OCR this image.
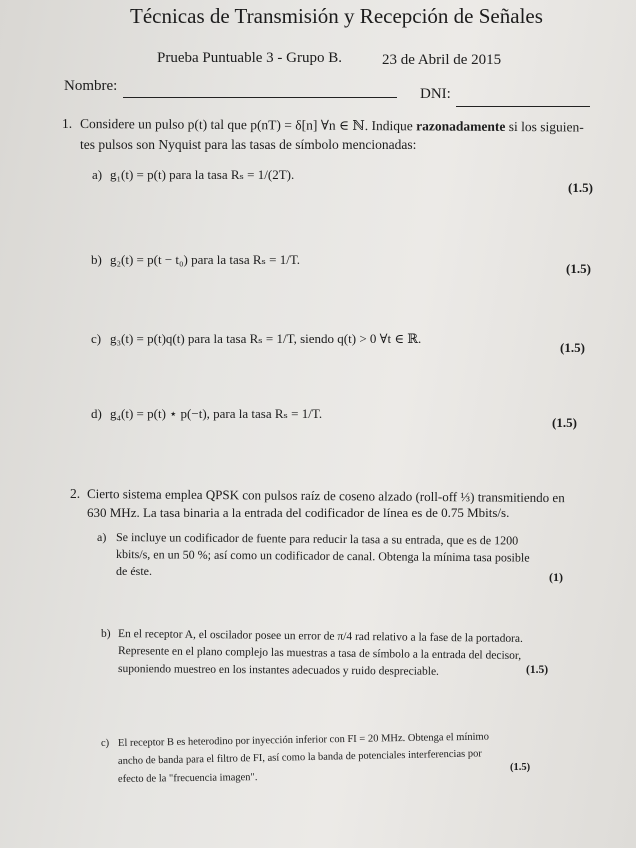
Técnicas de Transmisión y Recepción de Señales
Prueba Puntuable 3 - Grupo B.	23 de Abril de 2015
Nombre:	DNI:
1. Considere un pulso p(t) tal que p(nT) = δ[n] ∀n ∈ ℕ. Indique razonadamente si los siguien-
tes pulsos son Nyquist para las tasas de símbolo mencionadas:
a) g₁(t) = p(t) para la tasa Rₛ = 1/(2T).
(1.5)
b) g₂(t) = p(t − t₀) para la tasa Rₛ = 1/T.
(1.5)
c) g₃(t) = p(t)q(t) para la tasa Rₛ = 1/T, siendo q(t) > 0 ∀t ∈ ℝ.
(1.5)
d) g₄(t) = p(t) ⋆ p(−t), para la tasa Rₛ = 1/T.
(1.5)
2. Cierto sistema emplea QPSK con pulsos raíz de coseno alzado (roll-off ⅓) transmitiendo en
630 MHz. La tasa binaria a la entrada del codificador de línea es de 0.75 Mbits/s.
a) Se incluye un codificador de fuente para reducir la tasa a su entrada, que es de 1200
kbits/s, en un 50 %; así como un codificador de canal. Obtenga la mínima tasa posible
de éste.	(1)
b) En el receptor A, el oscilador posee un error de π/4 rad relativo a la fase de la portadora.
Represente en el plano complejo las muestras a tasa de símbolo a la entrada del decisor,
suponiendo muestreo en los instantes adecuados y ruido despreciable.	(1.5)
c) El receptor B es heterodino por inyección inferior con FI = 20 MHz. Obtenga el mínimo
ancho de banda para el filtro de FI, así como la banda de potenciales interferencias por
efecto de la "frecuencia imagen".
(1.5)
